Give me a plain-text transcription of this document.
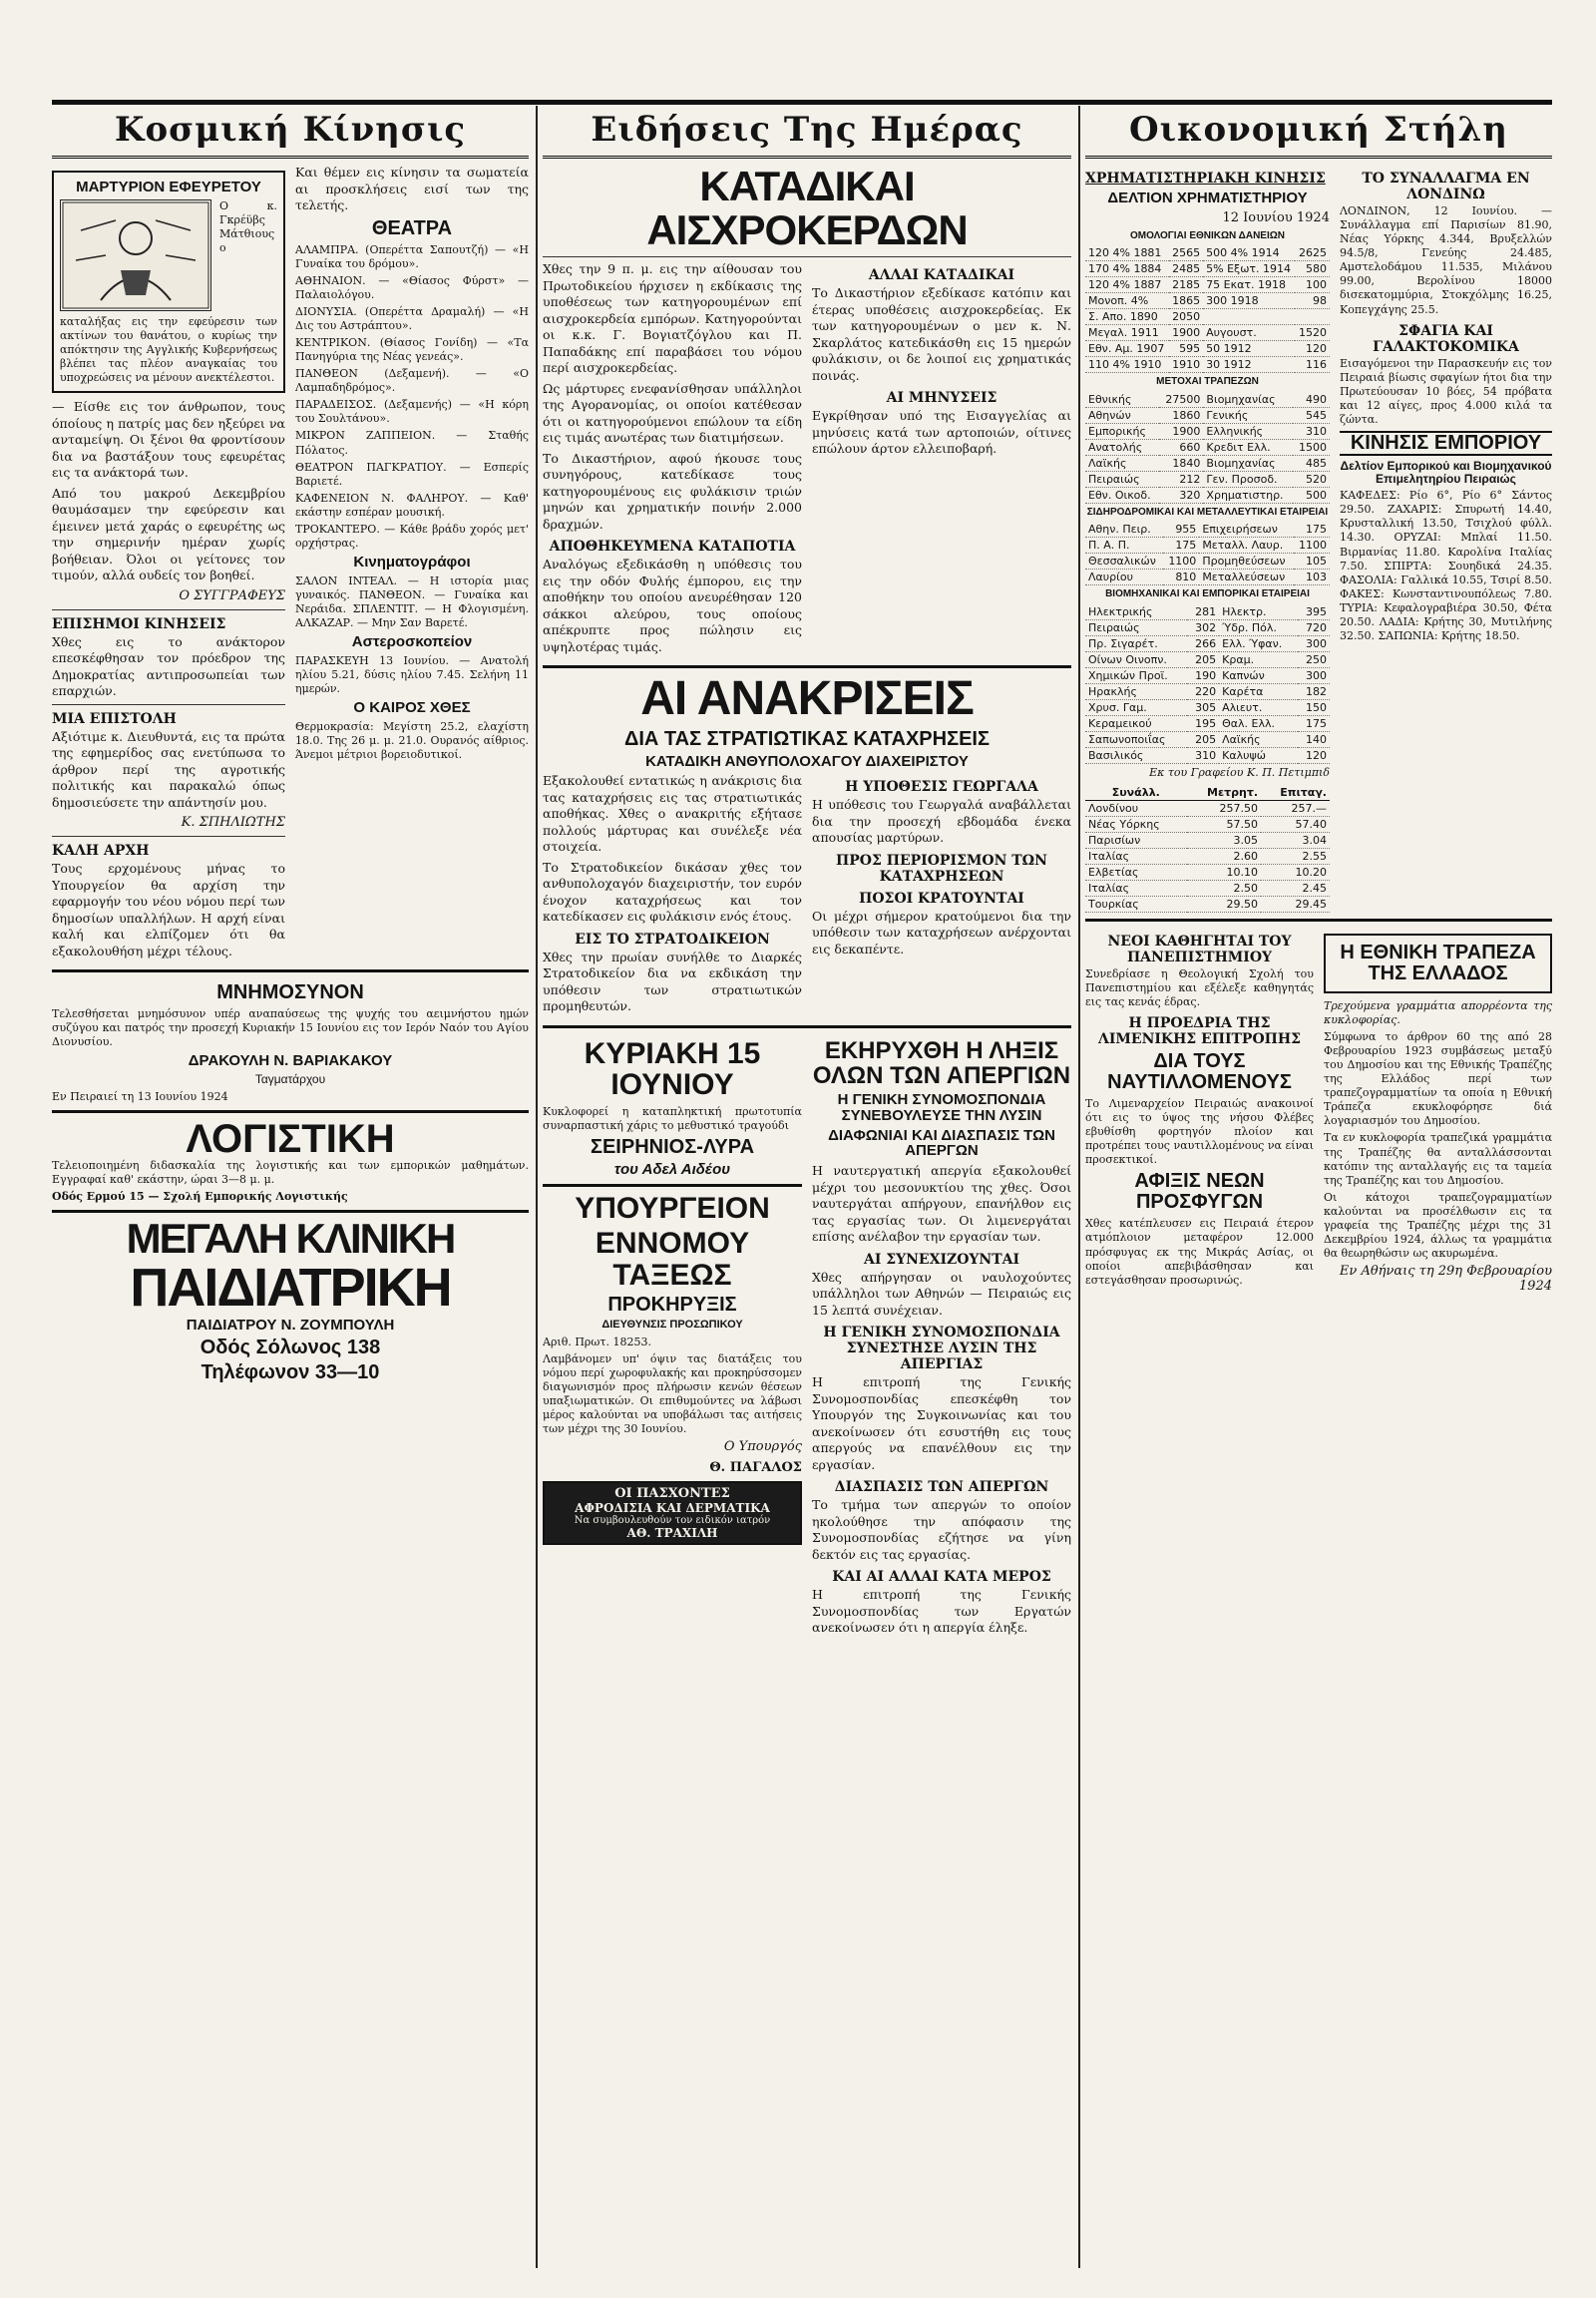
Κοσμική Κίνησις
ΜΑΡΤΥΡΙΟΝ ΕΦΕΥΡΕΤΟΥ

Ο κ. Γκρέϋβς Μάτθιους ο καταλήξας εις την εφεύρεσιν των ακτίνων του θανάτου, ο κυρίως την απόκτησιν της Αγγλικής Κυβερνήσεως βλέπει τας πλέον αναγκαίας του υποχρεώσεις να μένουν ανεκτέλεστοι.

— Είσθε εις τον άνθρωπον, τους όποίους η πατρίς μας δεν ηξεύρει να ανταμείψη. Οι ξένοι θα φροντίσουν δια να βαστάξουν τους εφευρέτας εις τα ανάκτορά των.

Από του μακρού Δεκεμβρίου θαυμάσαμεν την εφεύρεσιν και έμεινεν μετά χαράς ο εφευρέτης ως την σημερινήν ημέραν χωρίς βοήθειαν. Όλοι οι γείτονες τον τιμούν, αλλά ουδείς τον βοηθεί.

Ο ΣΥΓΓΡΑΦΕΥΣ
ΕΠΙΣΗΜΟΙ ΚΙΝΗΣΕΙΣ

Χθες εις το ανάκτορον επεσκέφθησαν τον πρόεδρον της Δημοκρατίας αντιπροσωπείαι των επαρχιών.

ΜΙΑ ΕΠΙΣΤΟΛΗ

Αξιότιμε κ. Διευθυντά, εις τα πρώτα της εφημερίδος σας ενετύπωσα το άρθρον περί της αγροτικής πολιτικής και παρακαλώ όπως δημοσιεύσετε την απάντησίν μου.

Κ. ΣΠΗΛΙΩΤΗΣ
ΚΑΛΗ ΑΡΧΗ

Τους ερχομένους μήνας το Υπουργείον θα αρχίση την εφαρμογήν του νέου νόμου περί των δημοσίων υπαλλήλων. Η αρχή είναι καλή και ελπίζομεν ότι θα εξακολουθήση μέχρι τέλους.

Και θέμεν εις κίνησιν τα σωματεία αι προσκλήσεις εισί των της τελετής.

ΘΕΑΤΡΑ

ΑΛΑΜΠΡΑ. (Οπερέττα Σαπουτζή) — «Η Γυναίκα του δρόμου».

ΑΘΗΝΑΙΟΝ. — «Θίασος Φύρστ» — Παλαιολόγου.

ΔΙΟΝΥΣΙΑ. (Οπερέττα Δραμαλή) — «Η Δις του Αστράπτου».

ΚΕΝΤΡΙΚΟΝ. (Θίασος Γονίδη) — «Τα Πανηγύρια της Νέας γενεάς».

ΠΑΝΘΕΟΝ (Δεξαμενή). — «Ο Λαμπαδηδρόμος».

ΠΑΡΑΔΕΙΣΟΣ. (Δεξαμενής) — «Η κόρη του Σουλτάνου».

ΜΙΚΡΟΝ ΖΑΠΠΕΙΟΝ. — Σταθής Πόλατος.

ΘΕΑΤΡΟΝ ΠΑΓΚΡΑΤΙΟΥ. — Εσπερίς Βαριετέ.

ΚΑΦΕΝΕΙΟΝ Ν. ΦΑΛΗΡΟΥ. — Καθ' εκάστην εσπέραν μουσική.

ΤΡΟΚΑΝΤΕΡΟ. — Κάθε βράδυ χορός μετ' ορχήστρας.

Κινηματογράφοι

ΣΑΛΟΝ ΙΝΤΕΑΛ. — Η ιστορία μιας γυναικός. ΠΑΝΘΕΟΝ. — Γυναίκα και Νεράιδα. ΣΠΛΕΝΤΙΤ. — Η Φλογισμένη. ΑΛΚΑΖΑΡ. — Μην Σαν Βαρετέ.

Αστεροσκοπείον

ΠΑΡΑΣΚΕΥΗ 13 Ιουνίου. — Ανατολή ηλίου 5.21, δύσις ηλίου 7.45. Σελήνη 11 ημερών.

Ο ΚΑΙΡΟΣ ΧΘΕΣ

Θερμοκρασία: Μεγίστη 25.2, ελαχίστη 18.0. Της 26 μ. μ. 21.0. Ουρανός αίθριος. Άνεμοι μέτριοι βορειοδυτικοί.

ΜΝΗΜΟΣΥΝΟΝ

Τελεσθήσεται μνημόσυνον υπέρ αναπαύσεως της ψυχής του αειμνήστου ημών συζύγου και πατρός την προσεχή Κυριακήν 15 Ιουνίου εις τον Ιερόν Ναόν του Αγίου Διονυσίου.

ΔΡΑΚΟΥΛΗ Ν. ΒΑΡΙΑΚΑΚΟΥ
Ταγματάρχου

Εν Πειραιεί τη 13 Ιουνίου 1924

ΛΟΓΙΣΤΙΚΗ

Τελειοποιημένη διδασκαλία της λογιστικής και των εμπορικών μαθημάτων. Εγγραφαί καθ' εκάστην, ώραι 3—8 μ. μ.

Οδός Ερμού 15 — Σχολή Εμπορικής Λογιστικής

ΜΕΓΑΛΗ ΚΛΙΝΙΚΗ
ΠΑΙΔΙΑΤΡΙΚΗ
ΠΑΙΔΙΑΤΡΟΥ Ν. ΖΟΥΜΠΟΥΛΗ
Οδός Σόλωνος 138
Τηλέφωνον 33—10
Ειδήσεις Της Ημέρας
ΚΑΤΑΔΙΚΑΙ ΑΙΣΧΡΟΚΕΡΔΩΝ

Χθες την 9 π. μ. εις την αίθουσαν του Πρωτοδικείου ήρχισεν η εκδίκασις της υποθέσεως των κατηγορουμένων επί αισχροκερδεία εμπόρων. Κατηγορούνται οι κ.κ. Γ. Βογιατζόγλου και Π. Παπαδάκης επί παραβάσει του νόμου περί αισχροκερδείας.

Ως μάρτυρες ενεφανίσθησαν υπάλληλοι της Αγορανομίας, οι οποίοι κατέθεσαν ότι οι κατηγορούμενοι επώλουν τα είδη εις τιμάς ανωτέρας των διατιμήσεων.

Το Δικαστήριον, αφού ήκουσε τους συνηγόρους, κατεδίκασε τους κατηγορουμένους εις φυλάκισιν τριών μηνών και χρηματικήν ποινήν 2.000 δραχμών.

ΑΠΟΘΗΚΕΥΜΕΝΑ ΚΑΤΑΠΟΤΙΑ

Αναλόγως εξεδικάσθη η υπόθεσις του εις την οδόν Φυλής έμπορου, εις την αποθήκην του οποίου ανευρέθησαν 120 σάκκοι αλεύρου, τους οποίους απέκρυπτε προς πώλησιν εις υψηλοτέρας τιμάς.

ΑΛΛΑΙ ΚΑΤΑΔΙΚΑΙ

Το Δικαστήριον εξεδίκασε κατόπιν και έτερας υποθέσεις αισχροκερδείας. Εκ των κατηγορουμένων ο μεν κ. Ν. Σκαρλάτος κατεδικάσθη εις 15 ημερών φυλάκισιν, οι δε λοιποί εις χρηματικάς ποινάς.

ΑΙ ΜΗΝΥΣΕΙΣ

Εγκρίθησαν υπό της Εισαγγελίας αι μηνύσεις κατά των αρτοποιών, οίτινες επώλουν άρτον ελλειποβαρή.

ΑΙ ΑΝΑΚΡΙΣΕΙΣ
ΔΙΑ ΤΑΣ ΣΤΡΑΤΙΩΤΙΚΑΣ ΚΑΤΑΧΡΗΣΕΙΣ
ΚΑΤΑΔΙΚΗ ΑΝΘΥΠΟΛΟΧΑΓΟΥ ΔΙΑΧΕΙΡΙΣΤΟΥ

Εξακολουθεί εντατικώς η ανάκρισις δια τας καταχρήσεις εις τας στρατιωτικάς αποθήκας. Χθες ο ανακριτής εξήτασε πολλούς μάρτυρας και συνέλεξε νέα στοιχεία.

Το Στρατοδικείον δικάσαν χθες τον ανθυπολοχαγόν διαχειριστήν, τον ευρόν ένοχον καταχρήσεως και τον κατεδίκασεν εις φυλάκισιν ενός έτους.

ΕΙΣ ΤΟ ΣΤΡΑΤΟΔΙΚΕΙΟΝ

Χθες την πρωίαν συνήλθε το Διαρκές Στρατοδικείον δια να εκδικάση την υπόθεσιν των στρατιωτικών προμηθευτών.

Η ΥΠΟΘΕΣΙΣ ΓΕΩΡΓΑΛΑ

Η υπόθεσις του Γεωργαλά αναβάλλεται δια την προσεχή εβδομάδα ένεκα απουσίας μαρτύρων.

ΠΡΟΣ ΠΕΡΙΟΡΙΣΜΟΝ ΤΩΝ ΚΑΤΑΧΡΗΣΕΩΝ
ΠΟΣΟΙ ΚΡΑΤΟΥΝΤΑΙ

Οι μέχρι σήμερον κρατούμενοι δια την υπόθεσιν των καταχρήσεων ανέρχονται εις δεκαπέντε.

ΚΥΡΙΑΚΗ 15 ΙΟΥΝΙΟΥ

Κυκλοφορεί η καταπληκτική πρωτοτυπία συναρπαστική χάρις το μεθυστικό τραγούδι

ΣΕΙΡΗΝΙΟΣ-ΛΥΡΑ
του Αδελ Αιδέου
ΥΠΟΥΡΓΕΙΟΝ
ΕΝΝΟΜΟΥ ΤΑΞΕΩΣ
ΠΡΟΚΗΡΥΞΙΣ
ΔΙΕΥΘΥΝΣΙΣ ΠΡΟΣΩΠΙΚΟΥ

Αριθ. Πρωτ. 18253.

Λαμβάνομεν υπ' όψιν τας διατάξεις του νόμου περί χωροφυλακής και προκηρύσσομεν διαγωνισμόν προς πλήρωσιν κενών θέσεων υπαξιωματικών. Οι επιθυμούντες να λάβωσι μέρος καλούνται να υποβάλωσι τας αιτήσεις των μέχρι της 30 Ιουνίου.

Ο Υπουργός
Θ. ΠΑΓΑΛΟΣ
ΟΙ ΠΑΣΧΟΝΤΕΣ
ΑΦΡΟΔΙΣΙΑ ΚΑΙ ΔΕΡΜΑΤΙΚΑ
Να συμβουλευθούν τον ειδικόν ιατρόν
ΑΘ. ΤΡΑΧΙΛΗ
ΕΚΗΡΥΧΘΗ Η ΛΗΞΙΣ ΟΛΩΝ ΤΩΝ ΑΠΕΡΓΙΩΝ
Η ΓΕΝΙΚΗ ΣΥΝΟΜΟΣΠΟΝΔΙΑ ΣΥΝΕΒΟΥΛΕΥΣΕ ΤΗΝ ΛΥΣΙΝ
ΔΙΑΦΩΝΙΑΙ ΚΑΙ ΔΙΑΣΠΑΣΙΣ ΤΩΝ ΑΠΕΡΓΩΝ

Η ναυτεργατική απεργία εξακολουθεί μέχρι του μεσονυκτίου της χθες. Όσοι ναυτεργάται απήργουν, επανήλθον εις τας εργασίας των. Οι λιμενεργάται επίσης ανέλαβον την εργασίαν των.

ΑΙ ΣΥΝΕΧΙΖΟΥΝΤΑΙ

Χθες απήργησαν οι ναυλοχούντες υπάλληλοι των Αθηνών — Πειραιώς εις 15 λεπτά συνέχειαν.

Η ΓΕΝΙΚΗ ΣΥΝΟΜΟΣΠΟΝΔΙΑ ΣΥΝΕΣΤΗΣΕ ΛΥΣΙΝ ΤΗΣ ΑΠΕΡΓΙΑΣ

Η επιτροπή της Γενικής Συνομοσπονδίας επεσκέφθη τον Υπουργόν της Συγκοινωνίας και του ανεκοίνωσεν ότι εσυστήθη εις τους απεργούς να επανέλθουν εις την εργασίαν.

ΔΙΑΣΠΑΣΙΣ ΤΩΝ ΑΠΕΡΓΩΝ

Το τμήμα των απεργών το οποίον ηκολούθησε την απόφασιν της Συνομοσπονδίας εζήτησε να γίνη δεκτόν εις τας εργασίας.

ΚΑΙ ΑΙ ΑΛΛΑΙ ΚΑΤΑ ΜΕΡΟΣ

Η επιτροπή της Γενικής Συνομοσπονδίας των Εργατών ανεκοίνωσεν ότι η απεργία έληξε.

Οικονομική Στήλη
ΧΡΗΜΑΤΙΣΤΗΡΙΑΚΗ ΚΙΝΗΣΙΣ
ΔΕΛΤΙΟΝ ΧΡΗΜΑΤΙΣΤΗΡΙΟΥ
12 Ιουνίου 1924
ΟΜΟΛΟΓΙΑΙ ΕΘΝΙΚΩΝ ΔΑΝΕΙΩΝ
120 4% 1881	2565	500 4% 1914	2625
170 4% 1884	2485	5% Εξωτ. 1914	580
120 4% 1887	2185	75 Εκατ. 1918	100
Μονοπ. 4%	1865	300 1918	98
Σ. Απο. 1890	2050		
Μεγαλ. 1911	1900	Αυγουστ.	1520
Εθν. Αμ. 1907	595	50 1912	120
110 4% 1910	1910	30 1912	116
ΜΕΤΟΧΑΙ ΤΡΑΠΕΖΩΝ
Εθνικής	27500	Βιομηχανίας	490
Αθηνών	1860	Γενικής	545
Εμπορικής	1900	Ελληνικής	310
Ανατολής	660	Κρεδιτ Ελλ.	1500
Λαϊκής	1840	Βιομηχανίας	485
Πειραιώς	212	Γεν. Προσοδ.	520
Εθν. Οικοδ.	320	Χρηματιστηρ.	500
ΣΙΔΗΡΟΔΡΟΜΙΚΑΙ ΚΑΙ ΜΕΤΑΛΛΕΥΤΙΚΑΙ ΕΤΑΙΡΕΙΑΙ
Αθην. Πειρ.	955	Επιχειρήσεων	175
Π. Α. Π.	175	Μεταλλ. Λαυρ.	1100
Θεσσαλικών	1100	Προμηθεύσεων	105
Λαυρίου	810	Μεταλλεύσεων	103
ΒΙΟΜΗΧΑΝΙΚΑΙ ΚΑΙ ΕΜΠΟΡΙΚΑΙ ΕΤΑΙΡΕΙΑΙ
Ηλεκτρικής	281	Ηλεκτρ.	395
Πειραιώς	302	Ύδρ. Πόλ.	720
Πρ. Σιγαρέτ.	266	Ελλ. Ύφαν.	300
Οίνων Οινοπν.	205	Κραμ.	250
Χημικών Προϊ.	190	Καπνών	300
Ηρακλής	220	Καρέτα	182
Χρυσ. Γαμ.	305	Αλιευτ.	150
Κεραμεικού	195	Θαλ. Ελλ.	175
Σαπωνοποιΐας	205	Λαϊκής	140
Βασιλικός	310	Καλυψώ	120
Εκ του Γραφείου Κ. Π. Πετιμπιδ
Συνάλλ.	Μετρητ.	Επιταγ.
Λονδίνου	257.50	257.—
Νέας Υόρκης	57.50	57.40
Παρισίων	3.05	3.04
Ιταλίας	2.60	2.55
Ελβετίας	10.10	10.20
Ιταλίας	2.50	2.45
Τουρκίας	29.50	29.45
ΤΟ ΣΥΝΑΛΛΑΓΜΑ ΕΝ ΛΟΝΔΙΝΩ

ΛΟΝΔΙΝΟΝ, 12 Ιουνίου. — Συνάλλαγμα επί Παρισίων 81.90, Νέας Υόρκης 4.344, Βρυξελλών 94.5/8, Γενεύης 24.485, Αμστελοδάμου 11.535, Μιλάνου 99.00, Βερολίνου 18000 δισεκατομμύρια, Στοκχόλμης 16.25, Κοπεγχάγης 25.5.

ΣΦΑΓΙΑ ΚΑΙ ΓΑΛΑΚΤΟΚΟΜΙΚΑ

Εισαγόμενοι την Παρασκευήν εις τον Πειραιά βίωσις σφαγίων ήτοι δια την Πρωτεύουσαν 10 βόες, 54 πρόβατα και 12 αίγες, προς 4.000 κιλά τα ζώντα.

ΚΙΝΗΣΙΣ ΕΜΠΟΡΙΟΥ
Δελτίον Εμπορικού και Βιομηχανικού Επιμελητηρίου Πειραιώς

ΚΑΦΕΔΕΣ: Ρίο 6°, Ρίο 6° Σάντος 29.50. ΖΑΧΑΡΙΣ: Σπυρωτή 14.40, Κρυσταλλική 13.50, Τσιχλού φύλλ. 14.30. ΟΡΥΖΑΙ: Μπλαί 11.50. Βιρμανίας 11.80. Καρολίνα Ιταλίας 7.50. ΣΠΙΡΤΑ: Σουηδικά 24.35. ΦΑΣΟΛΙΑ: Γαλλικά 10.55, Τσιρί 8.50. ΦΑΚΕΣ: Κωνσταντινουπόλεως 7.80. ΤΥΡΙΑ: Κεφαλογραβιέρα 30.50, Φέτα 20.50. ΛΑΔΙΑ: Κρήτης 30, Μυτιλήνης 32.50. ΣΑΠΩΝΙΑ: Κρήτης 18.50.

ΝΕΟΙ ΚΑΘΗΓΗΤΑΙ ΤΟΥ ΠΑΝΕΠΙΣΤΗΜΙΟΥ

Συνεδρίασε η Θεολογική Σχολή του Πανεπιστημίου και εξέλεξε καθηγητάς εις τας κενάς έδρας.

Η ΠΡΟΕΔΡΙΑ ΤΗΣ ΛΙΜΕΝΙΚΗΣ ΕΠΙΤΡΟΠΗΣ
ΔΙΑ ΤΟΥΣ ΝΑΥΤΙΛΛΟΜΕΝΟΥΣ

Το Λιμεναρχείον Πειραιώς ανακοινοί ότι εις το ύψος της νήσου Φλέβες εβυθίσθη φορτηγόν πλοίον και προτρέπει τους ναυτιλλομένους να είναι προσεκτικοί.

ΑΦΙΞΙΣ ΝΕΩΝ ΠΡΟΣΦΥΓΩΝ

Χθες κατέπλευσεν εις Πειραιά έτερον ατμόπλοιον μεταφέρον 12.000 πρόσφυγας εκ της Μικράς Ασίας, οι οποίοι απεβιβάσθησαν και εστεγάσθησαν προσωρινώς.

Η ΕΘΝΙΚΗ ΤΡΑΠΕΖΑ ΤΗΣ ΕΛΛΑΔΟΣ

Τρεχούμενα γραμμάτια απορρέοντα της κυκλοφορίας.

Σύμφωνα το άρθρον 60 της από 28 Φεβρουαρίου 1923 συμβάσεως μεταξύ του Δημοσίου και της Εθνικής Τραπέζης της Ελλάδος περί των τραπεζογραμματίων τα οποία η Εθνική Τράπεζα εκυκλοφόρησε διά λογαριασμόν του Δημοσίου.

Τα εν κυκλοφορία τραπεζικά γραμμάτια της Τραπέζης θα ανταλλάσσονται κατόπιν της ανταλλαγής εις τα ταμεία της Τραπέζης και του Δημοσίου.

Οι κάτοχοι τραπεζογραμματίων καλούνται να προσέλθωσιν εις τα γραφεία της Τραπέζης μέχρι της 31 Δεκεμβρίου 1924, άλλως τα γραμμάτια θα θεωρηθώσιν ως ακυρωμένα.

Εν Αθήναις τη 29η Φεβρουαρίου 1924
